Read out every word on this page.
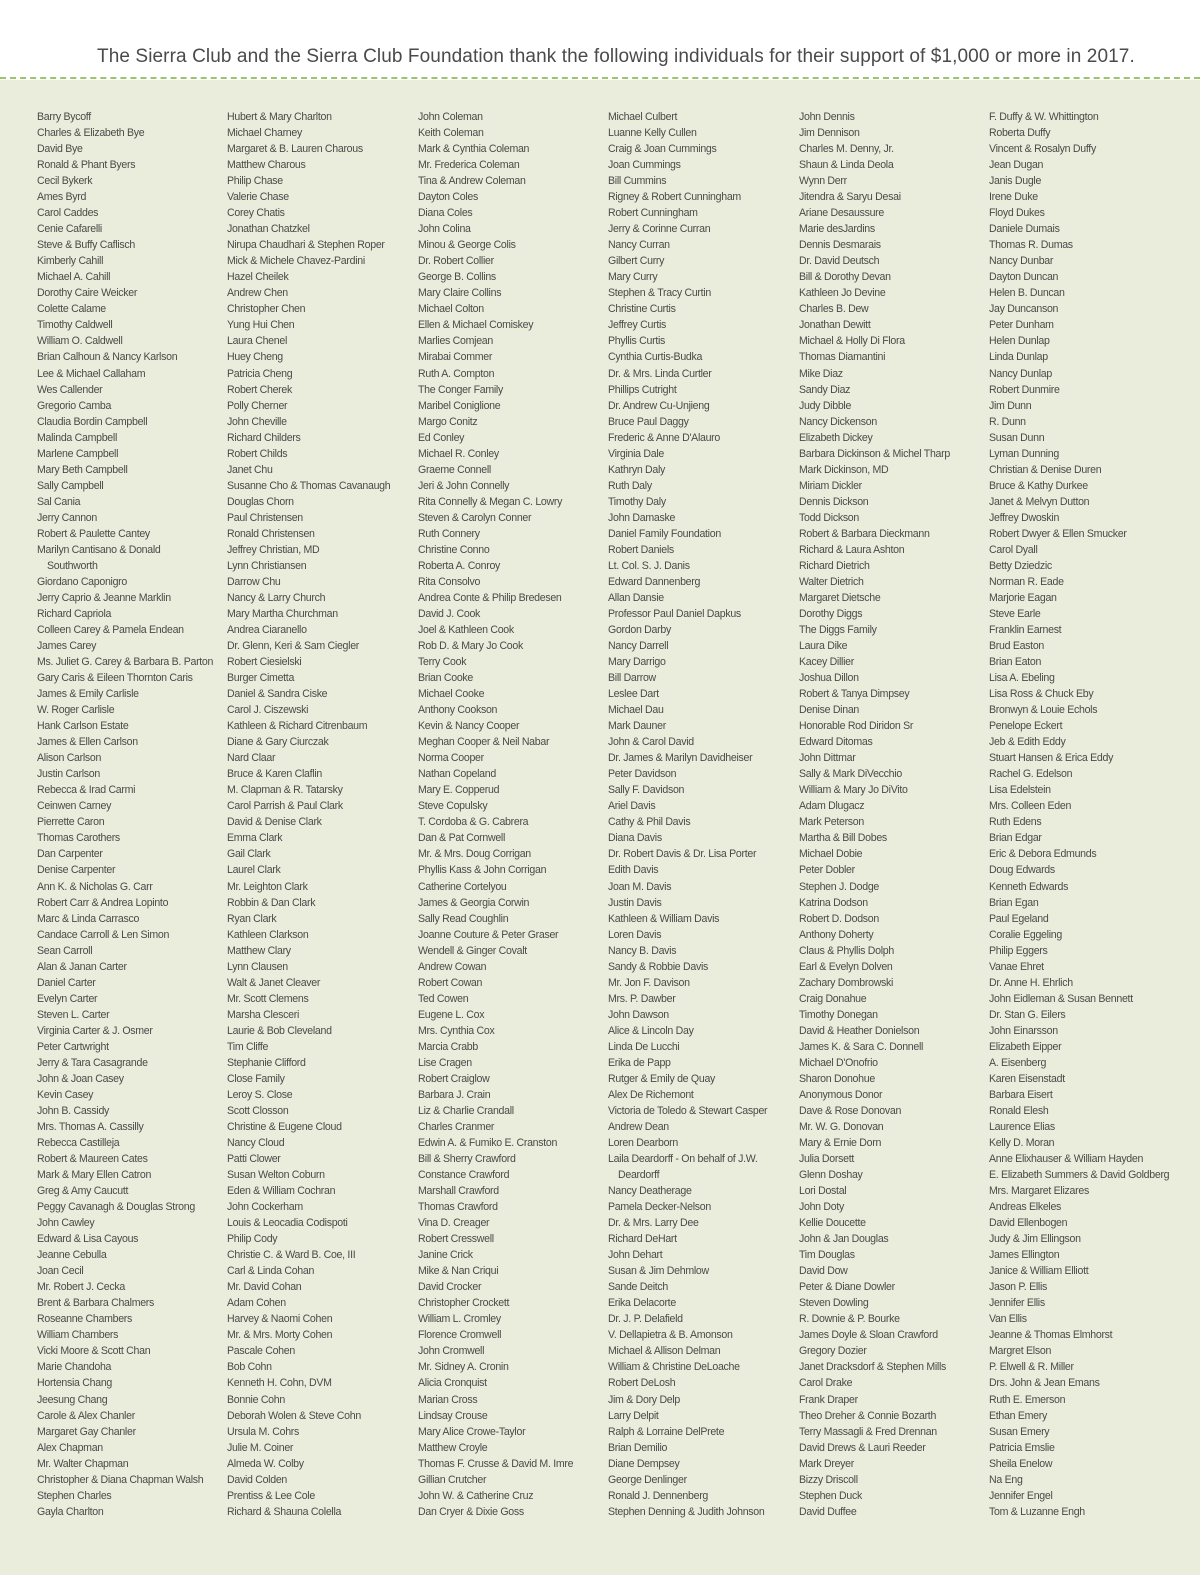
The Sierra Club and the Sierra Club Foundation thank the following individuals for their support of $1,000 or more in 2017.
Barry Bycoff
Charles & Elizabeth Bye
David Bye
Ronald & Phant Byers
Cecil Bykerk
Ames Byrd
Carol Caddes
Cenie Cafarelli
Steve & Buffy Caflisch
Kimberly Cahill
Michael A. Cahill
Dorothy Caire Weicker
Colette Calame
Timothy Caldwell
William O. Caldwell
Brian Calhoun & Nancy Karlson
Lee & Michael Callaham
Wes Callender
Gregorio Camba
Claudia Bordin Campbell
Malinda Campbell
Marlene Campbell
Mary Beth Campbell
Sally Campbell
Sal Cania
Jerry Cannon
Robert & Paulette Cantey
Marilyn Cantisano & Donald
Southworth
Giordano Caponigro
Jerry Caprio & Jeanne Marklin
Richard Capriola
Colleen Carey & Pamela Endean
James Carey
Ms. Juliet G. Carey & Barbara B. Parton
Gary Caris & Eileen Thornton Caris
James & Emily Carlisle
W. Roger Carlisle
Hank Carlson Estate
James & Ellen Carlson
Alison Carlson
Justin Carlson
Rebecca & Irad Carmi
Ceinwen Carney
Pierrette Caron
Thomas Carothers
Dan Carpenter
Denise Carpenter
Ann K. & Nicholas G. Carr
Robert Carr & Andrea Lopinto
Marc & Linda Carrasco
Candace Carroll & Len Simon
Sean Carroll
Alan & Janan Carter
Daniel Carter
Evelyn Carter
Steven L. Carter
Virginia Carter & J. Osmer
Peter Cartwright
Jerry & Tara Casagrande
John & Joan Casey
Kevin Casey
John B. Cassidy
Mrs. Thomas A. Cassilly
Rebecca Castilleja
Robert & Maureen Cates
Mark & Mary Ellen Catron
Greg & Amy Caucutt
Peggy Cavanagh & Douglas Strong
John Cawley
Edward & Lisa Cayous
Jeanne Cebulla
Joan Cecil
Mr. Robert J. Cecka
Brent & Barbara Chalmers
Roseanne Chambers
William Chambers
Vicki Moore & Scott Chan
Marie Chandoha
Hortensia Chang
Jeesung Chang
Carole & Alex Chanler
Margaret Gay Chanler
Alex Chapman
Mr. Walter Chapman
Christopher & Diana Chapman Walsh
Stephen Charles
Gayla Charlton
Hubert & Mary Charlton
Michael Charney
Margaret & B. Lauren Charous
Matthew Charous
Philip Chase
Valerie Chase
Corey Chatis
Jonathan Chatzkel
Nirupa Chaudhari & Stephen Roper
Mick & Michele Chavez-Pardini
Hazel Cheilek
Andrew Chen
Christopher Chen
Yung Hui Chen
Laura Chenel
Huey Cheng
Patricia Cheng
Robert Cherek
Polly Cherner
John Cheville
Richard Childers
Robert Childs
Janet Chu
Susanne Cho & Thomas Cavanaugh
Douglas Chorn
Paul Christensen
Ronald Christensen
Jeffrey Christian, MD
Lynn Christiansen
Darrow Chu
Nancy & Larry Church
Mary Martha Churchman
Andrea Ciaranello
Dr. Glenn, Keri & Sam Ciegler
Robert Ciesielski
Burger Cimetta
Daniel & Sandra Ciske
Carol J. Ciszewski
Kathleen & Richard Citrenbaum
Diane & Gary Ciurczak
Nard Claar
Bruce & Karen Claflin
M. Clapman & R. Tatarsky
Carol Parrish & Paul Clark
David & Denise Clark
Emma Clark
Gail Clark
Laurel Clark
Mr. Leighton Clark
Robbin & Dan Clark
Ryan Clark
Kathleen Clarkson
Matthew Clary
Lynn Clausen
Walt & Janet Cleaver
Mr. Scott Clemens
Marsha Clesceri
Laurie & Bob Cleveland
Tim Cliffe
Stephanie Clifford
Close Family
Leroy S. Close
Scott Closson
Christine & Eugene Cloud
Nancy Cloud
Patti Clower
Susan Welton Coburn
Eden & William Cochran
John Cockerham
Louis & Leocadia Codispoti
Philip Cody
Christie C. & Ward B. Coe, III
Carl & Linda Cohan
Mr. David Cohan
Adam Cohen
Harvey & Naomi Cohen
Mr. & Mrs. Morty Cohen
Pascale Cohen
Bob Cohn
Kenneth H. Cohn, DVM
Bonnie Cohn
Deborah Wolen & Steve Cohn
Ursula M. Cohrs
Julie M. Coiner
Almeda W. Colby
David Colden
Prentiss & Lee Cole
Richard & Shauna Colella
John Coleman
Keith Coleman
Mark & Cynthia Coleman
Mr. Frederica Coleman
Tina & Andrew Coleman
Dayton Coles
Diana Coles
John Colina
Minou & George Colis
Dr. Robert Collier
George B. Collins
Mary Claire Collins
Michael Colton
Ellen & Michael Comiskey
Marlies Comjean
Mirabai Commer
Ruth A. Compton
The Conger Family
Maribel Coniglione
Margo Conitz
Ed Conley
Michael R. Conley
Graeme Connell
Jeri & John Connelly
Rita Connelly & Megan C. Lowry
Steven & Carolyn Conner
Ruth Connery
Christine Conno
Roberta A. Conroy
Rita Consolvo
Andrea Conte & Philip Bredesen
David J. Cook
Joel & Kathleen Cook
Rob D. & Mary Jo Cook
Terry Cook
Brian Cooke
Michael Cooke
Anthony Cookson
Kevin & Nancy Cooper
Meghan Cooper & Neil Nabar
Norma Cooper
Nathan Copeland
Mary E. Copperud
Steve Copulsky
T. Cordoba & G. Cabrera
Dan & Pat Cornwell
Mr. & Mrs. Doug Corrigan
Phyllis Kass & John Corrigan
Catherine Cortelyou
James & Georgia Corwin
Sally Read Coughlin
Joanne Couture & Peter Graser
Wendell & Ginger Covalt
Andrew Cowan
Robert Cowan
Ted Cowen
Eugene L. Cox
Mrs. Cynthia Cox
Marcia Crabb
Lise Cragen
Robert Craiglow
Barbara J. Crain
Liz & Charlie Crandall
Charles Cranmer
Edwin A. & Fumiko E. Cranston
Bill & Sherry Crawford
Constance Crawford
Marshall Crawford
Thomas Crawford
Vina D. Creager
Robert Cresswell
Janine Crick
Mike & Nan Criqui
David Crocker
Christopher Crockett
William L. Cromley
Florence Cromwell
John Cromwell
Mr. Sidney A. Cronin
Alicia Cronquist
Marian Cross
Lindsay Crouse
Mary Alice Crowe-Taylor
Matthew Croyle
Thomas F. Crusse & David M. Imre
Gillian Crutcher
John W. & Catherine Cruz
Dan Cryer & Dixie Goss
Michael Culbert
Luanne Kelly Cullen
Craig & Joan Cummings
Joan Cummings
Bill Cummins
Rigney & Robert Cunningham
Robert Cunningham
Jerry & Corinne Curran
Nancy Curran
Gilbert Curry
Mary Curry
Stephen & Tracy Curtin
Christine Curtis
Jeffrey Curtis
Phyllis Curtis
Cynthia Curtis-Budka
Dr. & Mrs. Linda Curtler
Phillips Cutright
Dr. Andrew Cu-Unjieng
Bruce Paul Daggy
Frederic & Anne D'Alauro
Virginia Dale
Kathryn Daly
Ruth Daly
Timothy Daly
John Damaske
Daniel Family Foundation
Robert Daniels
Lt. Col. S. J. Danis
Edward Dannenberg
Allan Dansie
Professor Paul Daniel Dapkus
Gordon Darby
Nancy Darrell
Mary Darrigo
Bill Darrow
Leslee Dart
Michael Dau
Mark Dauner
John & Carol David
Dr. James & Marilyn Davidheiser
Peter Davidson
Sally F. Davidson
Ariel Davis
Cathy & Phil Davis
Diana Davis
Dr. Robert Davis & Dr. Lisa Porter
Edith Davis
Joan M. Davis
Justin Davis
Kathleen & William Davis
Loren Davis
Nancy B. Davis
Sandy & Robbie Davis
Mr. Jon F. Davison
Mrs. P. Dawber
John Dawson
Alice & Lincoln Day
Linda De Lucchi
Erika de Papp
Rutger & Emily de Quay
Alex De Richemont
Victoria de Toledo & Stewart Casper
Andrew Dean
Loren Dearborn
Laila Deardorff - On behalf of J.W.
Deardorff
Nancy Deatherage
Pamela Decker-Nelson
Dr. & Mrs. Larry Dee
Richard DeHart
John Dehart
Susan & Jim Dehmlow
Sande Deitch
Erika Delacorte
Dr. J. P. Delafield
V. Dellapietra & B. Amonson
Michael & Allison Delman
William & Christine DeLoache
Robert DeLosh
Jim & Dory Delp
Larry Delpit
Ralph & Lorraine DelPrete
Brian Demilio
Diane Dempsey
George Denlinger
Ronald J. Dennenberg
Stephen Denning & Judith Johnson
John Dennis
Jim Dennison
Charles M. Denny, Jr.
Shaun & Linda Deola
Wynn Derr
Jitendra & Saryu Desai
Ariane Desaussure
Marie desJardins
Dennis Desmarais
Dr. David Deutsch
Bill & Dorothy Devan
Kathleen Jo Devine
Charles B. Dew
Jonathan Dewitt
Michael & Holly Di Flora
Thomas Diamantini
Mike Diaz
Sandy Diaz
Judy Dibble
Nancy Dickenson
Elizabeth Dickey
Barbara Dickinson & Michel Tharp
Mark Dickinson, MD
Miriam Dickler
Dennis Dickson
Todd Dickson
Robert & Barbara Dieckmann
Richard & Laura Ashton
Richard Dietrich
Walter Dietrich
Margaret Dietsche
Dorothy Diggs
The Diggs Family
Laura Dike
Kacey Dillier
Joshua Dillon
Robert & Tanya Dimpsey
Denise Dinan
Honorable Rod Diridon Sr
Edward Ditomas
John Dittmar
Sally & Mark DiVecchio
William & Mary Jo DiVito
Adam Dlugacz
Mark Peterson
Martha & Bill Dobes
Michael Dobie
Peter Dobler
Stephen J. Dodge
Katrina Dodson
Robert D. Dodson
Anthony Doherty
Claus & Phyllis Dolph
Earl & Evelyn Dolven
Zachary Dombrowski
Craig Donahue
Timothy Donegan
David & Heather Donielson
James K. & Sara C. Donnell
Michael D'Onofrio
Sharon Donohue
Anonymous Donor
Dave & Rose Donovan
Mr. W. G. Donovan
Mary & Ernie Dorn
Julia Dorsett
Glenn Doshay
Lori Dostal
John Doty
Kellie Doucette
John & Jan Douglas
Tim Douglas
David Dow
Peter & Diane Dowler
Steven Dowling
R. Downie & P. Bourke
James Doyle & Sloan Crawford
Gregory Dozier
Janet Dracksdorf & Stephen Mills
Carol Drake
Frank Draper
Theo Dreher & Connie Bozarth
Terry Massagli & Fred Drennan
David Drews & Lauri Reeder
Mark Dreyer
Bizzy Driscoll
Stephen Duck
David Duffee
F. Duffy & W. Whittington
Roberta Duffy
Vincent & Rosalyn Duffy
Jean Dugan
Janis Dugle
Irene Duke
Floyd Dukes
Daniele Dumais
Thomas R. Dumas
Nancy Dunbar
Dayton Duncan
Helen B. Duncan
Jay Duncanson
Peter Dunham
Helen Dunlap
Linda Dunlap
Nancy Dunlap
Robert Dunmire
Jim Dunn
R. Dunn
Susan Dunn
Lyman Dunning
Christian & Denise Duren
Bruce & Kathy Durkee
Janet & Melvyn Dutton
Jeffrey Dwoskin
Robert Dwyer & Ellen Smucker
Carol Dyall
Betty Dziedzic
Norman R. Eade
Marjorie Eagan
Steve Earle
Franklin Earnest
Brud Easton
Brian Eaton
Lisa A. Ebeling
Lisa Ross & Chuck Eby
Bronwyn & Louie Echols
Penelope Eckert
Jeb & Edith Eddy
Stuart Hansen & Erica Eddy
Rachel G. Edelson
Lisa Edelstein
Mrs. Colleen Eden
Ruth Edens
Brian Edgar
Eric & Debora Edmunds
Doug Edwards
Kenneth Edwards
Brian Egan
Paul Egeland
Coralie Eggeling
Philip Eggers
Vanae Ehret
Dr. Anne H. Ehrlich
John Eidleman & Susan Bennett
Dr. Stan G. Eilers
John Einarsson
Elizabeth Eipper
A. Eisenberg
Karen Eisenstadt
Barbara Eisert
Ronald Elesh
Laurence Elias
Kelly D. Moran
Anne Elixhauser & William Hayden
E. Elizabeth Summers & David Goldberg
Mrs. Margaret Elizares
Andreas Elkeles
David Ellenbogen
Judy & Jim Ellingson
James Ellington
Janice & William Elliott
Jason P. Ellis
Jennifer Ellis
Van Ellis
Jeanne & Thomas Elmhorst
Margret Elson
P. Elwell & R. Miller
Drs. John & Jean Emans
Ruth E. Emerson
Ethan Emery
Susan Emery
Patricia Emslie
Sheila Enelow
Na Eng
Jennifer Engel
Tom & Luzanne Engh
